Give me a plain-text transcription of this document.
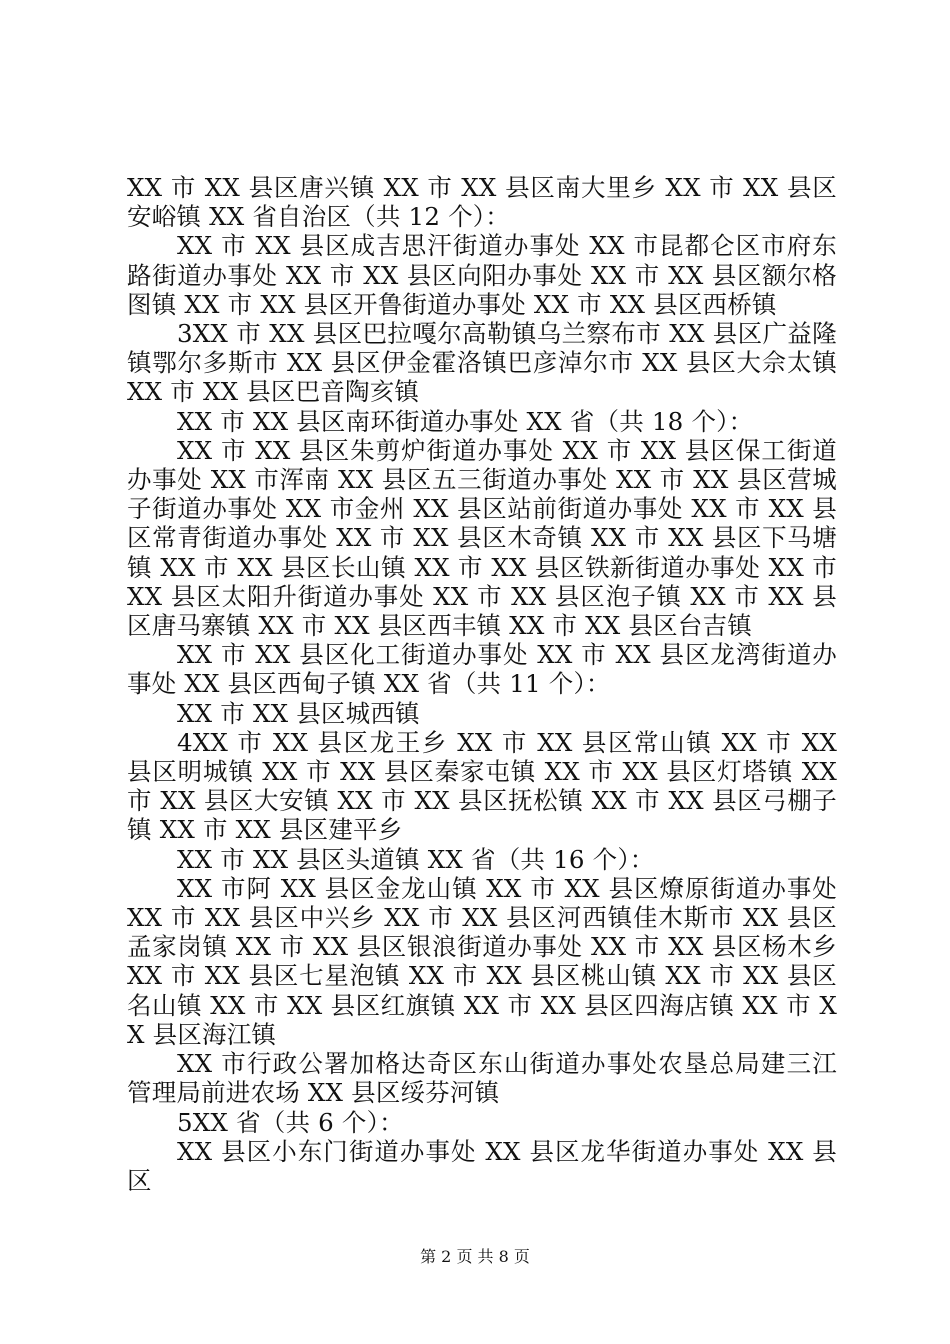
XX 市 XX 县区唐兴镇 XX 市 XX 县区南大里乡 XX 市 XX 县区安峪镇 XX 省自治区（共 12 个）：

XX 市 XX 县区成吉思汗街道办事处 XX 市昆都仑区市府东路街道办事处 XX 市 XX 县区向阳办事处 XX 市 XX 县区额尔格图镇 XX 市 XX 县区开鲁街道办事处 XX 市 XX 县区西桥镇

3XX 市 XX 县区巴拉嘎尔高勒镇乌兰察布市 XX 县区广益隆镇鄂尔多斯市 XX 县区伊金霍洛镇巴彦淖尔市 XX 县区大佘太镇 XX 市 XX 县区巴音陶亥镇

XX 市 XX 县区南环街道办事处 XX 省（共 18 个）：

XX 市 XX 县区朱剪炉街道办事处 XX 市 XX 县区保工街道办事处 XX 市浑南 XX 县区五三街道办事处 XX 市 XX 县区营城子街道办事处 XX 市金州 XX 县区站前街道办事处 XX 市 XX 县区常青街道办事处 XX 市 XX 县区木奇镇 XX 市 XX 县区下马塘镇 XX 市 XX 县区长山镇 XX 市 XX 县区铁新街道办事处 XX 市 XX 县区太阳升街道办事处 XX 市 XX 县区泡子镇 XX 市 XX 县区唐马寨镇 XX 市 XX 县区西丰镇 XX 市 XX 县区台吉镇

XX 市 XX 县区化工街道办事处 XX 市 XX 县区龙湾街道办事处 XX 县区西甸子镇 XX 省（共 11 个）：

XX 市 XX 县区城西镇

4XX 市 XX 县区龙王乡 XX 市 XX 县区常山镇 XX 市 XX 县区明城镇 XX 市 XX 县区秦家屯镇 XX 市 XX 县区灯塔镇 XX 市 XX 县区大安镇 XX 市 XX 县区抚松镇 XX 市 XX 县区弓棚子镇 XX 市 XX 县区建平乡

XX 市 XX 县区头道镇 XX 省（共 16 个）：

XX 市阿 XX 县区金龙山镇 XX 市 XX 县区燎原街道办事处 XX 市 XX 县区中兴乡 XX 市 XX 县区河西镇佳木斯市 XX 县区孟家岗镇 XX 市 XX 县区银浪街道办事处 XX 市 XX 县区杨木乡 XX 市 XX 县区七星泡镇 XX 市 XX 县区桃山镇 XX 市 XX 县区名山镇 XX 市 XX 县区红旗镇 XX 市 XX 县区四海店镇 XX 市 XX 县区海江镇

XX 市行政公署加格达奇区东山街道办事处农垦总局建三江管理局前进农场 XX 县区绥芬河镇

5XX 省（共 6 个）：

XX 县区小东门街道办事处 XX 县区龙华街道办事处 XX 县区

第 2 页 共 8 页
